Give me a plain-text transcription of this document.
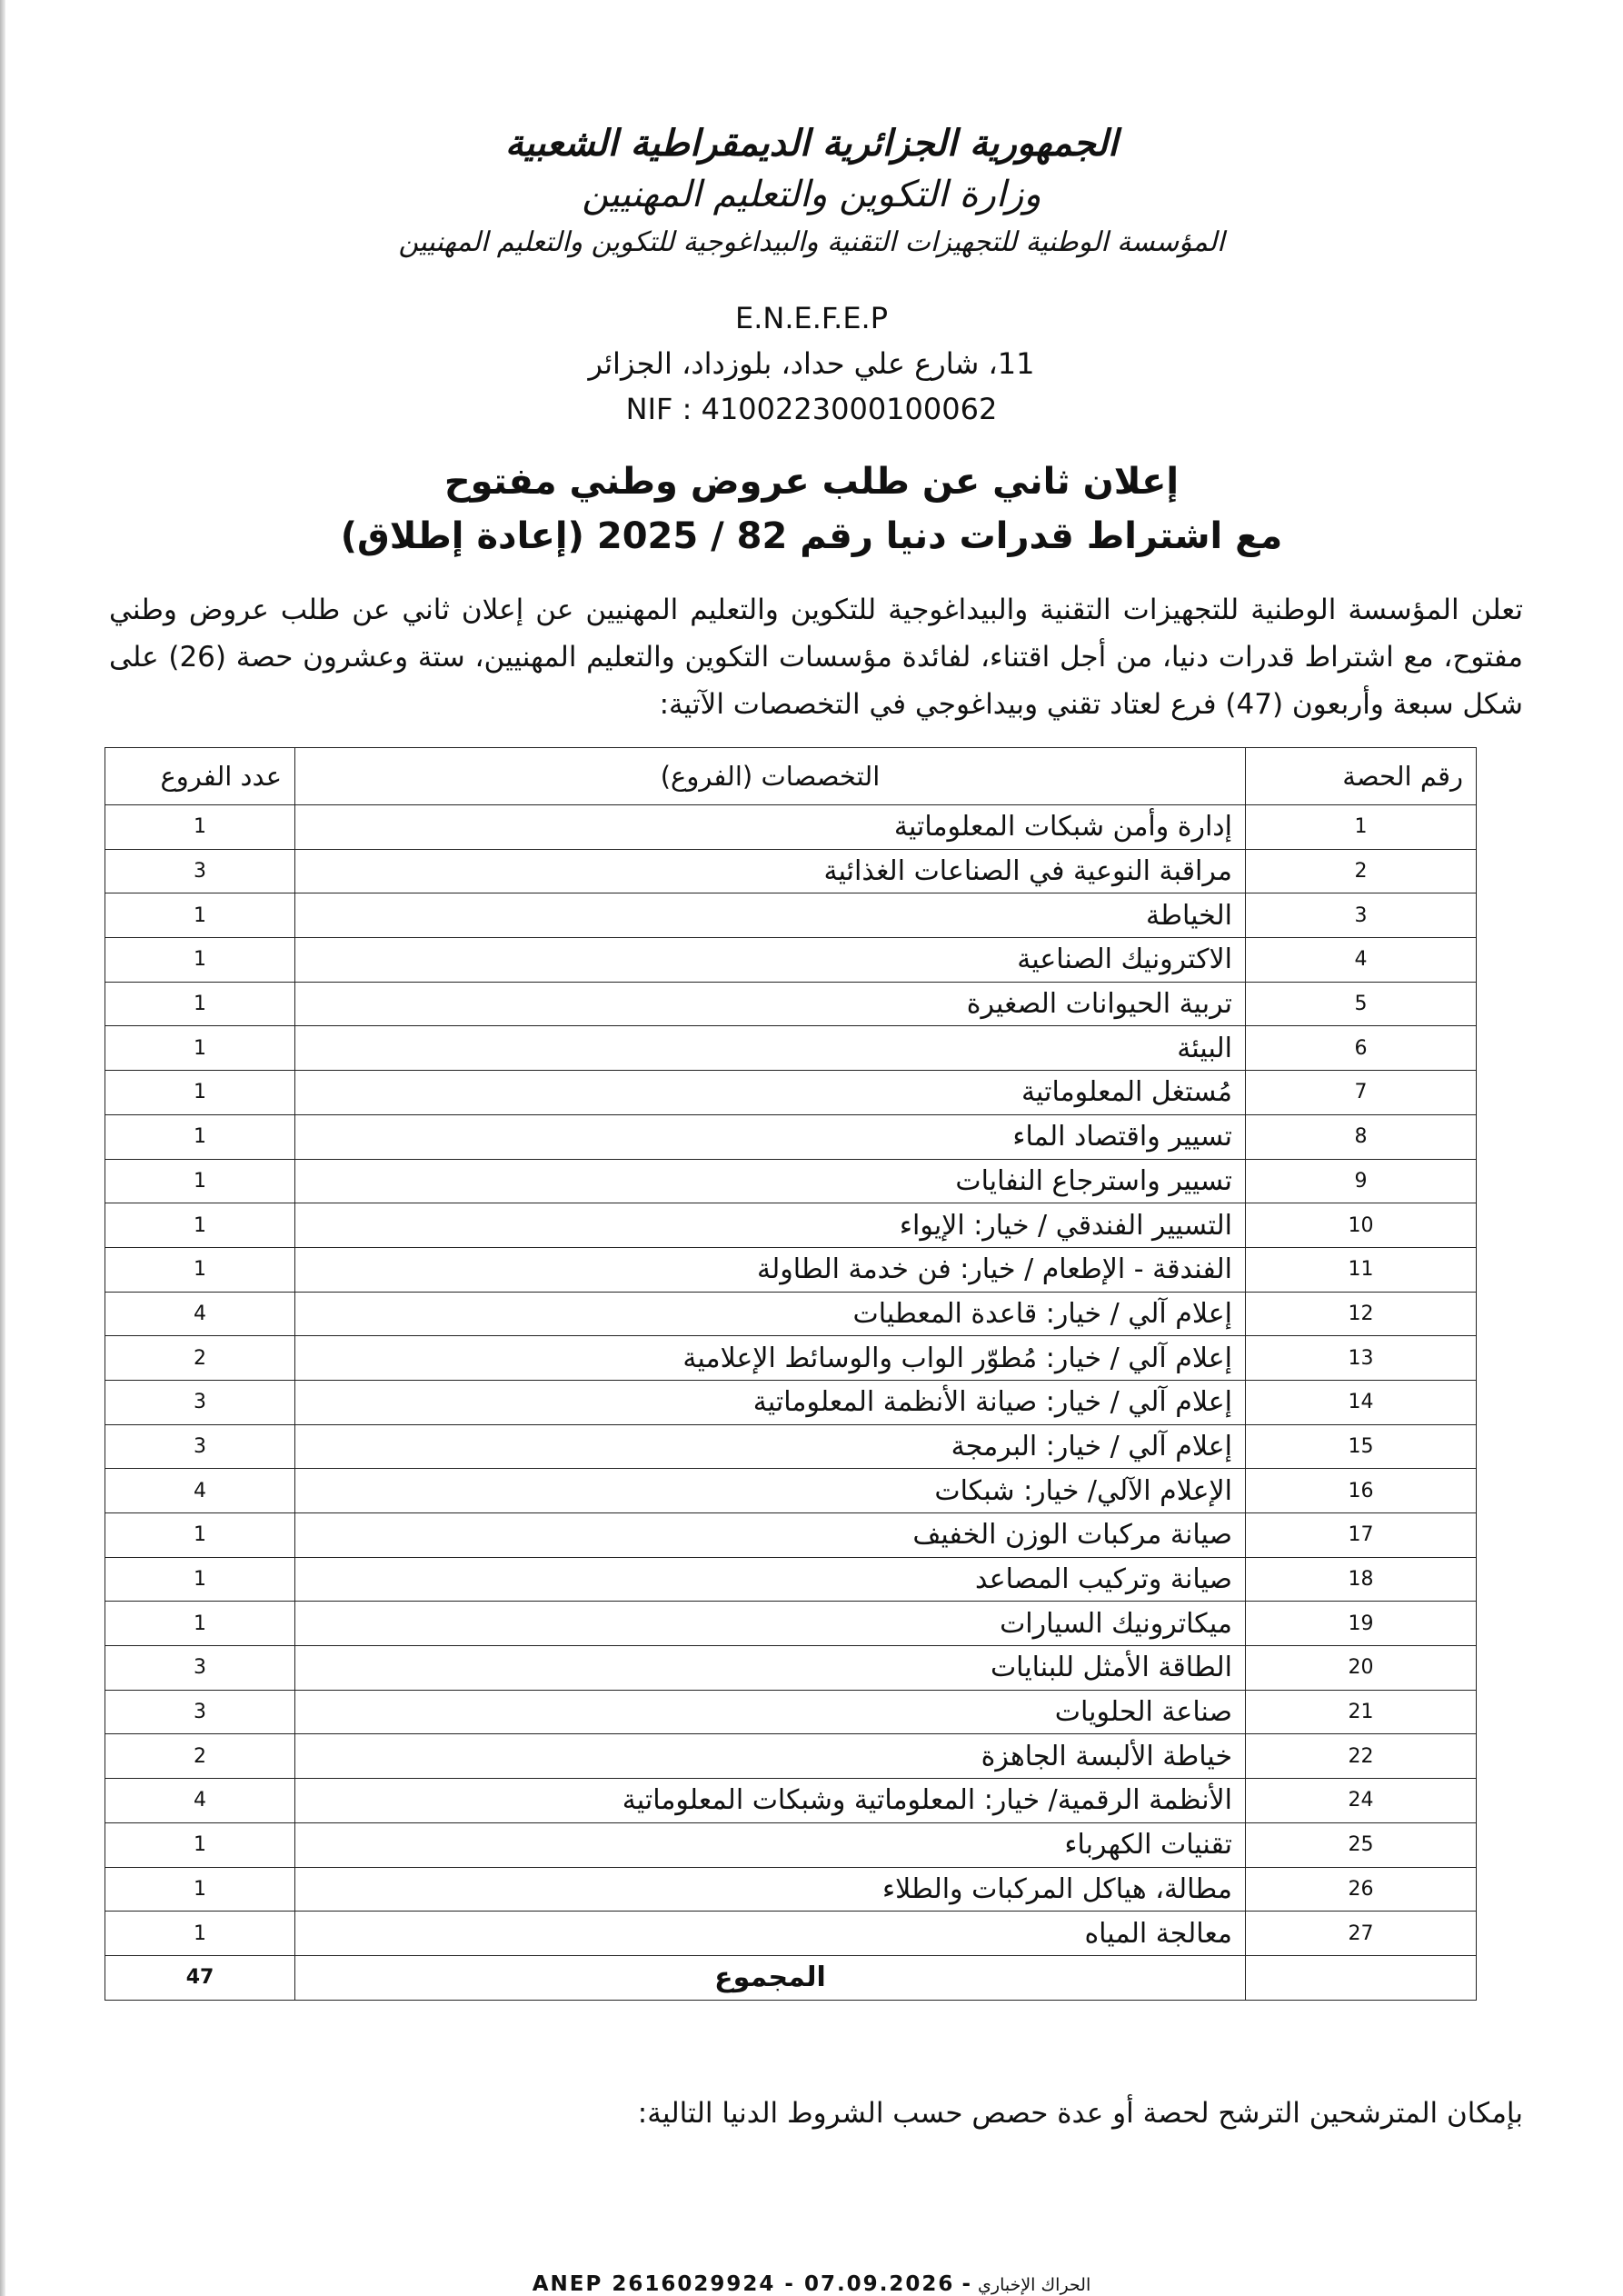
الجمهورية الجزائرية الديمقراطية الشعبية
وزارة التكوين والتعليم المهنيين
المؤسسة الوطنية للتجهيزات التقنية والبيداغوجية للتكوين والتعليم المهنيين
E.N.E.F.E.P
11، شارع علي حداد، بلوزداد، الجزائر
NIF : 4100223000100062
إعلان ثاني عن طلب عروض وطني مفتوح
مع اشتراط قدرات دنيا رقم 82 / 2025 (إعادة إطلاق)
تعلن المؤسسة الوطنية للتجهيزات التقنية والبيداغوجية للتكوين والتعليم المهنيين عن إعلان ثاني عن طلب عروض وطني مفتوح، مع اشتراط قدرات دنيا، من أجل اقتناء، لفائدة مؤسسات التكوين والتعليم المهنيين، ستة وعشرون حصة (26) على شكل سبعة وأربعون (47) فرع لعتاد تقني وبيداغوجي في التخصصات الآتية:
رقم الحصة	التخصصات (الفروع)	عدد الفروع
1	إدارة وأمن شبكات المعلوماتية	1
2	مراقبة النوعية في الصناعات الغذائية	3
3	الخياطة	1
4	الاكترونيك الصناعية	1
5	تربية الحيوانات الصغيرة	1
6	البيئة	1
7	مُستغل المعلوماتية	1
8	تسيير واقتصاد الماء	1
9	تسيير واسترجاع النفايات	1
10	التسيير الفندقي / خيار: الإيواء	1
11	الفندقة - الإطعام / خيار: فن خدمة الطاولة	1
12	إعلام آلي / خيار: قاعدة المعطيات	4
13	إعلام آلي / خيار: مُطوّر الواب والوسائط الإعلامية	2
14	إعلام آلي / خيار: صيانة الأنظمة المعلوماتية	3
15	إعلام آلي / خيار: البرمجة	3
16	الإعلام الآلي/ خيار: شبكات	4
17	صيانة مركبات الوزن الخفيف	1
18	صيانة وتركيب المصاعد	1
19	ميكاترونيك السيارات	1
20	الطاقة الأمثل للبنايات	3
21	صناعة الحلويات	3
22	خياطة الألبسة الجاهزة	2
24	الأنظمة الرقمية/ خيار: المعلوماتية وشبكات المعلوماتية	4
25	تقنيات الكهرباء	1
26	مطالة، هياكل المركبات والطلاء	1
27	معالجة المياه	1
	المجموع	47
بإمكان المترشحين الترشح لحصة أو عدة حصص حسب الشروط الدنيا التالية:
الحراك الإخباري - ANEP 2616029924 - 07.09.2026
